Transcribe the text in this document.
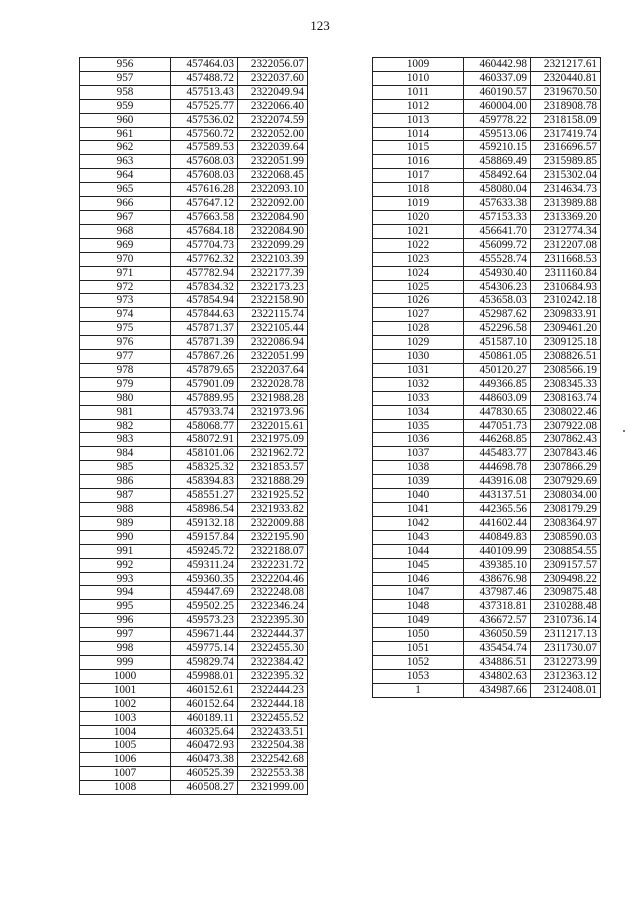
123
956	457464.03	2322056.07
957	457488.72	2322037.60
958	457513.43	2322049.94
959	457525.77	2322066.40
960	457536.02	2322074.59
961	457560.72	2322052.00
962	457589.53	2322039.64
963	457608.03	2322051.99
964	457608.03	2322068.45
965	457616.28	2322093.10
966	457647.12	2322092.00
967	457663.58	2322084.90
968	457684.18	2322084.90
969	457704.73	2322099.29
970	457762.32	2322103.39
971	457782.94	2322177.39
972	457834.32	2322173.23
973	457854.94	2322158.90
974	457844.63	2322115.74
975	457871.37	2322105.44
976	457871.39	2322086.94
977	457867.26	2322051.99
978	457879.65	2322037.64
979	457901.09	2322028.78
980	457889.95	2321988.28
981	457933.74	2321973.96
982	458068.77	2322015.61
983	458072.91	2321975.09
984	458101.06	2321962.72
985	458325.32	2321853.57
986	458394.83	2321888.29
987	458551.27	2321925.52
988	458986.54	2321933.82
989	459132.18	2322009.88
990	459157.84	2322195.90
991	459245.72	2322188.07
992	459311.24	2322231.72
993	459360.35	2322204.46
994	459447.69	2322248.08
995	459502.25	2322346.24
996	459573.23	2322395.30
997	459671.44	2322444.37
998	459775.14	2322455.30
999	459829.74	2322384.42
1000	459988.01	2322395.32
1001	460152.61	2322444.23
1002	460152.64	2322444.18
1003	460189.11	2322455.52
1004	460325.64	2322433.51
1005	460472.93	2322504.38
1006	460473.38	2322542.68
1007	460525.39	2322553.38
1008	460508.27	2321999.00
1009	460442.98	2321217.61
1010	460337.09	2320440.81
1011	460190.57	2319670.50
1012	460004.00	2318908.78
1013	459778.22	2318158.09
1014	459513.06	2317419.74
1015	459210.15	2316696.57
1016	458869.49	2315989.85
1017	458492.64	2315302.04
1018	458080.04	2314634.73
1019	457633.38	2313989.88
1020	457153.33	2313369.20
1021	456641.70	2312774.34
1022	456099.72	2312207.08
1023	455528.74	2311668.53
1024	454930.40	2311160.84
1025	454306.23	2310684.93
1026	453658.03	2310242.18
1027	452987.62	2309833.91
1028	452296.58	2309461.20
1029	451587.10	2309125.18
1030	450861.05	2308826.51
1031	450120.27	2308566.19
1032	449366.85	2308345.33
1033	448603.09	2308163.74
1034	447830.65	2308022.46
1035	447051.73	2307922.08
1036	446268.85	2307862.43
1037	445483.77	2307843.46
1038	444698.78	2307866.29
1039	443916.08	2307929.69
1040	443137.51	2308034.00
1041	442365.56	2308179.29
1042	441602.44	2308364.97
1043	440849.83	2308590.03
1044	440109.99	2308854.55
1045	439385.10	2309157.57
1046	438676.98	2309498.22
1047	437987.46	2309875.48
1048	437318.81	2310288.48
1049	436672.57	2310736.14
1050	436050.59	2311217.13
1051	435454.74	2311730.07
1052	434886.51	2312273.99
1053	434802.63	2312363.12
1	434987.66	2312408.01
